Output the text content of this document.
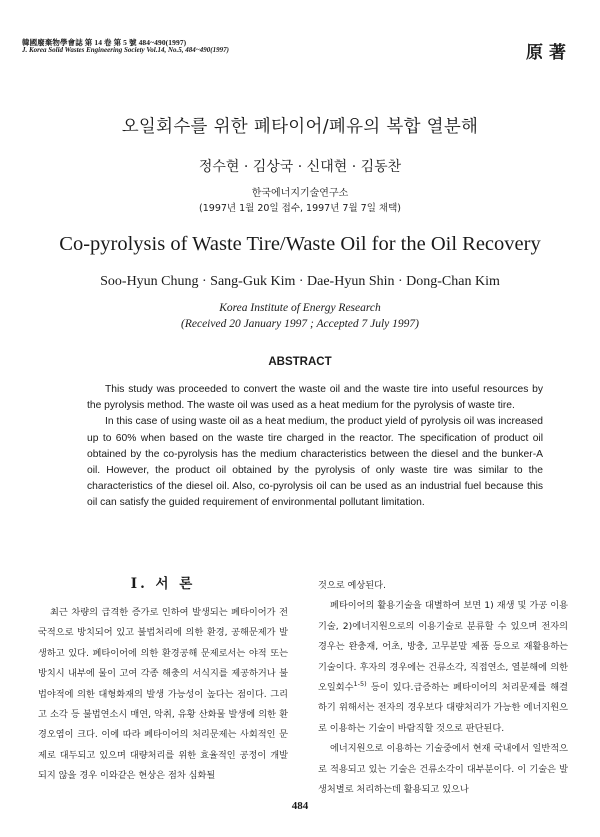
韓國廢棄物學會誌 第 14 卷 第 5 號 484~490(1997)
J. Korea Solid Wastes Engineering Society Vol.14, No.5, 484~490(1997)	原著
오일회수를 위한 폐타이어/폐유의 복합 열분해
정수현 · 김상국 · 신대현 · 김동찬
한국에너지기술연구소
(1997년 1월 20일 접수, 1997년 7월 7일 채택)
Co-pyrolysis of Waste Tire/Waste Oil for the Oil Recovery
Soo-Hyun Chung · Sang-Guk Kim · Dae-Hyun Shin · Dong-Chan Kim
Korea Institute of Energy Research
(Received 20 January 1997 ; Accepted 7 July 1997)
ABSTRACT

This study was proceeded to convert the waste oil and the waste tire into useful resources by the pyrolysis method. The waste oil was used as a heat medium for the pyrolysis of waste tire.

In this case of using waste oil as a heat medium, the product yield of pyrolysis oil was increased up to 60% when based on the waste tire charged in the reactor. The specification of product oil obtained by the co-pyrolysis has the medium characteristics between the diesel and the bunker-A oil. However, the product oil obtained by the pyrolysis of only waste tire was similar to the characteristics of the diesel oil. Also, co-pyrolysis oil can be used as an industrial fuel because this oil can satisfy the guided requirement of environmental pollutant limitation.

Ⅰ. 서 론

최근 차량의 급격한 증가로 인하여 발생되는 폐타이어가 전국적으로 방치되어 있고 불법처리에 의한 환경, 공해문제가 발생하고 있다. 폐타이어에 의한 환경공해 문제로서는 야적 또는 방치시 내부에 물이 고여 각종 해충의 서식지를 제공하거나 불법야적에 의한 대형화재의 발생 가능성이 높다는 점이다. 그리고 소각 등 불법연소시 매연, 악취, 유황 산화물 발생에 의한 환경오염이 크다. 이에 따라 폐타이어의 처리문제는 사회적인 문제로 대두되고 있으며 대량처리를 위한 효율적인 공정이 개발되지 않을 경우 이와같은 현상은 점차 심화될

것으로 예상된다.

폐타이어의 활용기술을 대별하여 보면 1) 재생 및 가공 이용기술, 2)에너지원으로의 이용기술로 분류할 수 있으며 전자의 경우는 완충재, 어초, 방충, 고무분말 제품 등으로 재활용하는 기술이다. 후자의 경우에는 건류소각, 직접연소, 열분해에 의한 오일회수$^{1-5)}$ 등이 있다.급증하는 폐타이어의 처리문제를 해결하기 위해서는 전자의 경우보다 대량처리가 가능한 에너지원으로 이용하는 기술이 바람직할 것으로 판단된다.

에너지원으로 이용하는 기술중에서 현재 국내에서 일반적으로 적용되고 있는 기술은 건류소각이 대부분이다. 이 기술은 발생처별로 처리하는데 활용되고 있으나

484
